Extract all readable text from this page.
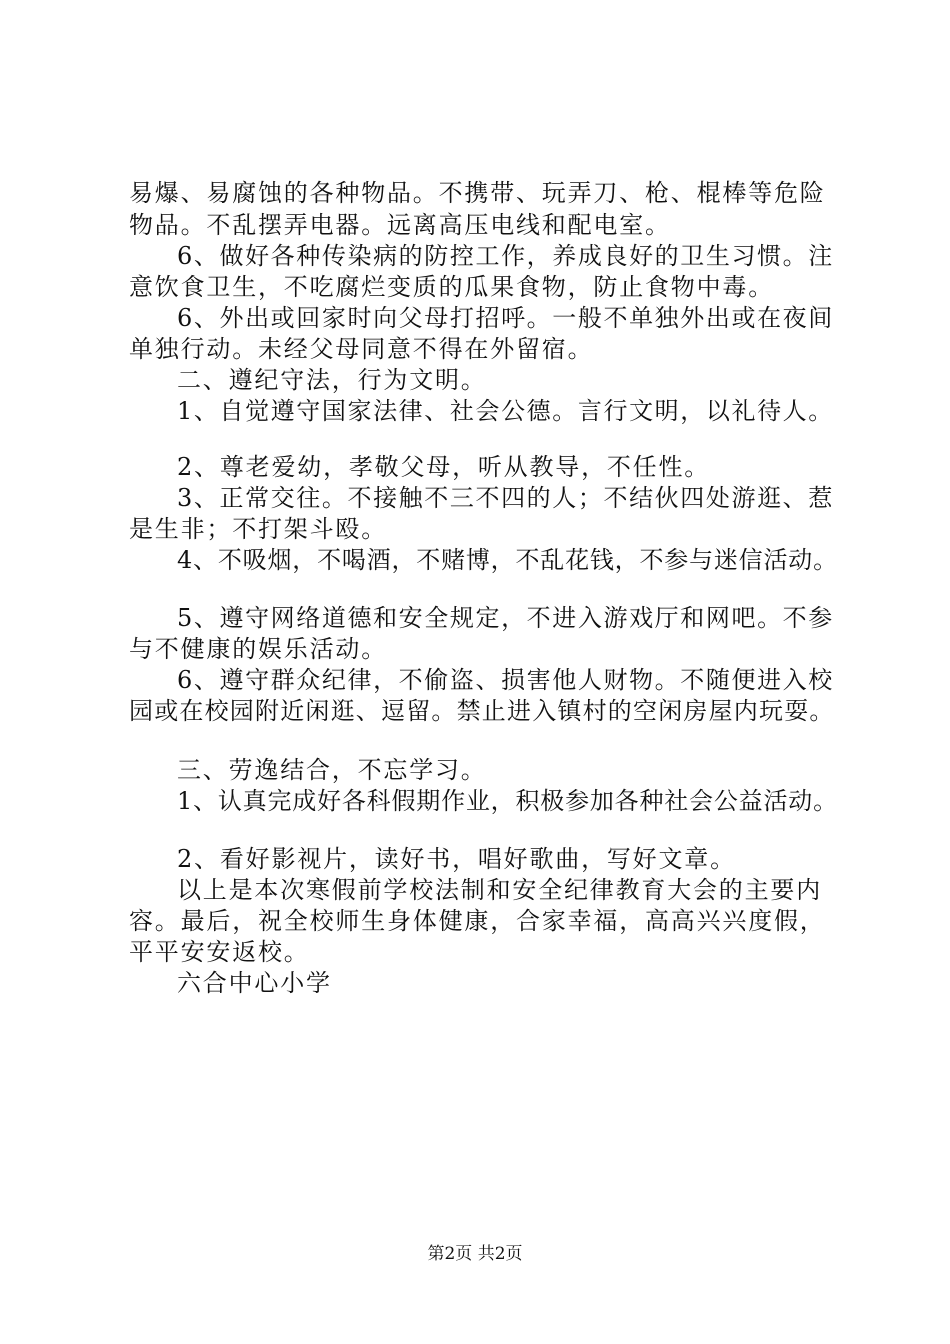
易爆、易腐蚀的各种物品。不携带、玩弄刀、枪、棍棒等危险
物品。不乱摆弄电器。远离高压电线和配电室。
6、做好各种传染病的防控工作，养成良好的卫生习惯。注
意饮食卫生，不吃腐烂变质的瓜果食物，防止食物中毒。
6、外出或回家时向父母打招呼。一般不单独外出或在夜间
单独行动。未经父母同意不得在外留宿。
二、遵纪守法，行为文明。
1、自觉遵守国家法律、社会公德。言行文明，以礼待人。
2、尊老爱幼，孝敬父母，听从教导，不任性。
3、正常交往。不接触不三不四的人；不结伙四处游逛、惹
是生非；不打架斗殴。
4、不吸烟，不喝酒，不赌博，不乱花钱，不参与迷信活动。
5、遵守网络道德和安全规定，不进入游戏厅和网吧。不参
与不健康的娱乐活动。
6、遵守群众纪律，不偷盗、损害他人财物。不随便进入校
园或在校园附近闲逛、逗留。禁止进入镇村的空闲房屋内玩耍。
三、劳逸结合，不忘学习。
1、认真完成好各科假期作业，积极参加各种社会公益活动。
2、看好影视片，读好书，唱好歌曲，写好文章。
以上是本次寒假前学校法制和安全纪律教育大会的主要内
容。最后，祝全校师生身体健康，合家幸福，高高兴兴度假，
平平安安返校。
六合中心小学
第2页 共2页
